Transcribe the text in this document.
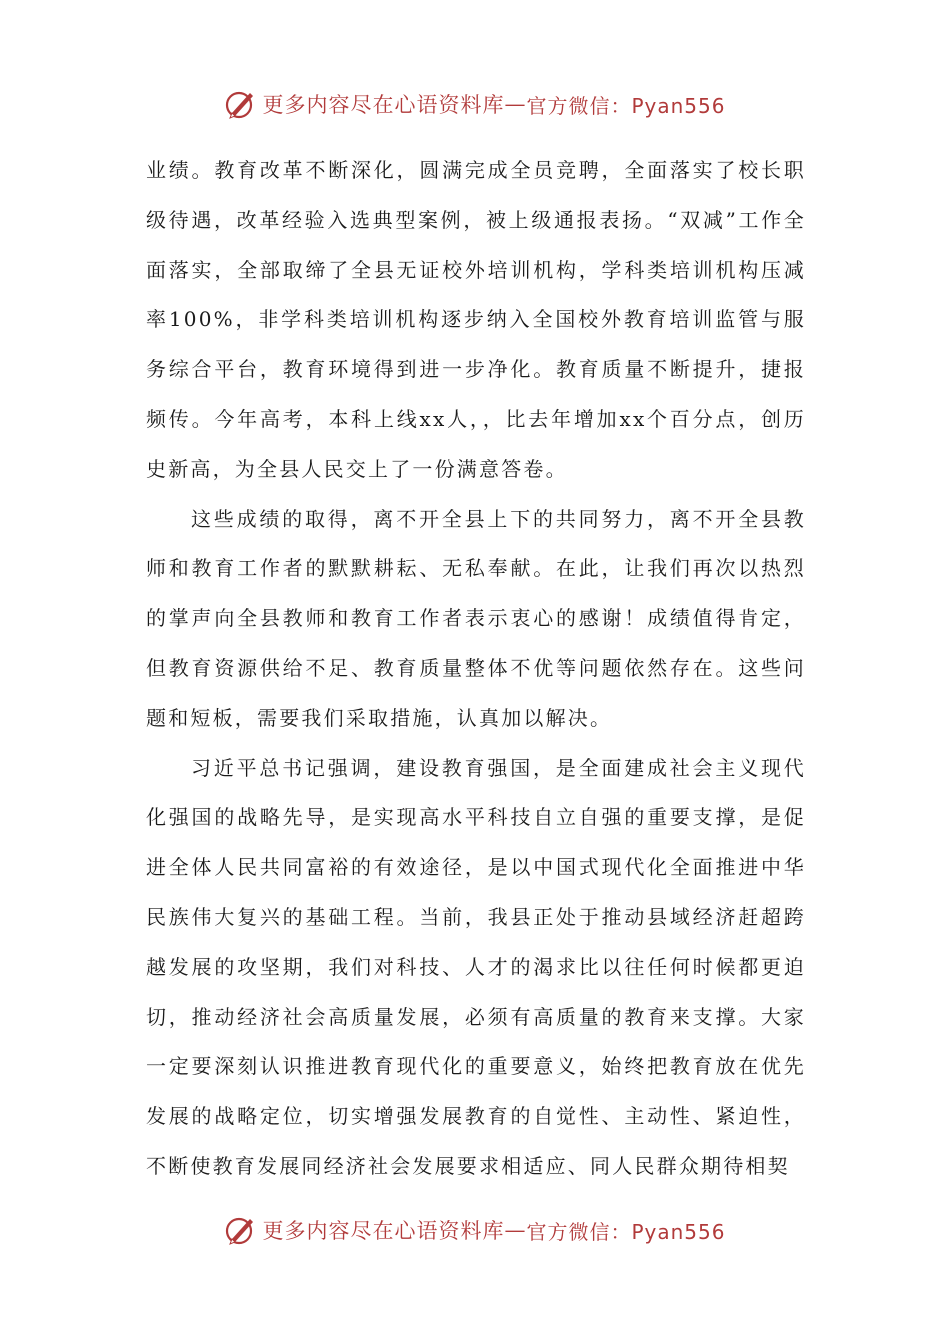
更多内容尽在心语资料库 — 官方微信：Pyan556

业绩。教育改革不断深化，圆满完成全员竞聘，全面落实了校长职级待遇，改革经验入选典型案例，被上级通报表扬。“双减”工作全面落实，全部取缔了全县无证校外培训机构，学科类培训机构压减率100%，非学科类培训机构逐步纳入全国校外教育培训监管与服务综合平台，教育环境得到进一步净化。教育质量不断提升，捷报频传。今年高考，本科上线xx人，，比去年增加xx个百分点，创历史新高，为全县人民交上了一份满意答卷。

这些成绩的取得，离不开全县上下的共同努力，离不开全县教师和教育工作者的默默耕耘、无私奉献。在此，让我们再次以热烈的掌声向全县教师和教育工作者表示衷心的感谢！成绩值得肯定，但教育资源供给不足、教育质量整体不优等问题依然存在。这些问题和短板，需要我们采取措施，认真加以解决。

习近平总书记强调，建设教育强国，是全面建成社会主义现代化强国的战略先导，是实现高水平科技自立自强的重要支撑，是促进全体人民共同富裕的有效途径，是以中国式现代化全面推进中华民族伟大复兴的基础工程。当前，我县正处于推动县域经济赶超跨越发展的攻坚期，我们对科技、人才的渴求比以往任何时候都更迫切，推动经济社会高质量发展，必须有高质量的教育来支撑。大家一定要深刻认识推进教育现代化的重要意义，始终把教育放在优先发展的战略定位，切实增强发展教育的自觉性、主动性、紧迫性，不断使教育发展同经济社会发展要求相适应、同人民群众期待相契

更多内容尽在心语资料库 — 官方微信：Pyan556
